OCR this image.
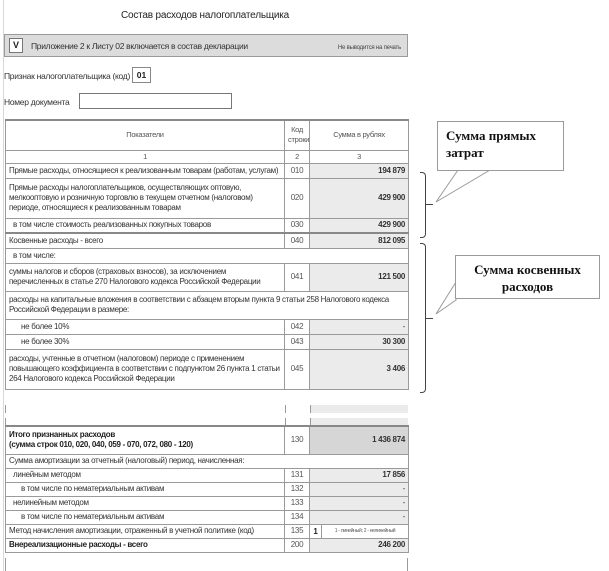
Состав расходов налогоплательщика
V	Приложение 2 к Листу 02 включается в состав декларации	Не выводится на печать
Признак налогоплательщика (код) 01
Номер документа
Показатели	Код строки	Сумма в рублях
1	2	3
Прямые расходы, относящиеся к реализованным товарам (работам, услугам)	010	194 879
Прямые расходы налогоплательщиков, осуществляющих оптовую, мелкооптовую и розничную торговлю в текущем отчетном (налоговом) периоде, относящиеся к реализованным товарам	020	429 900
в том числе стоимость реализованных покупных товаров	030	429 900
Косвенные расходы - всего	040	812 095
в том числе:		
суммы налогов и сборов (страховых взносов), за исключением перечисленных в статье 270 Налогового кодекса Российской Федерации	041	121 500
расходы на капитальные вложения в соответствии с абзацем вторым пункта 9 статьи 258 Налогового кодекса Российской Федерации в размере:		
не более 10%	042	-
не более 30%	043	30 300
расходы, учтенные в отчетном (налоговом) периоде с применением повышающего коэффициента в соответствии с подпунктом 26 пункта 1 статьи 264 Налогового кодекса Российской Федерации	045	3 406
Итого признанных расходов
(сумма строк 010, 020, 040, 059 - 070, 072, 080 - 120)	130	1 436 874
Сумма амортизации за отчетный (налоговый) период, начисленная:		
линейным методом	131	17 856
в том числе по нематериальным активам	132	-
нелинейным методом	133	-
в том числе по нематериальным активам	134	-
Метод начисления амортизации, отраженный в учетной политике (код)	135	1 1 - линейный; 2 - нелинейный

Внереализационные расходы - всего	200	246 200
Сумма прямых затрат
Сумма косвенных расходов
